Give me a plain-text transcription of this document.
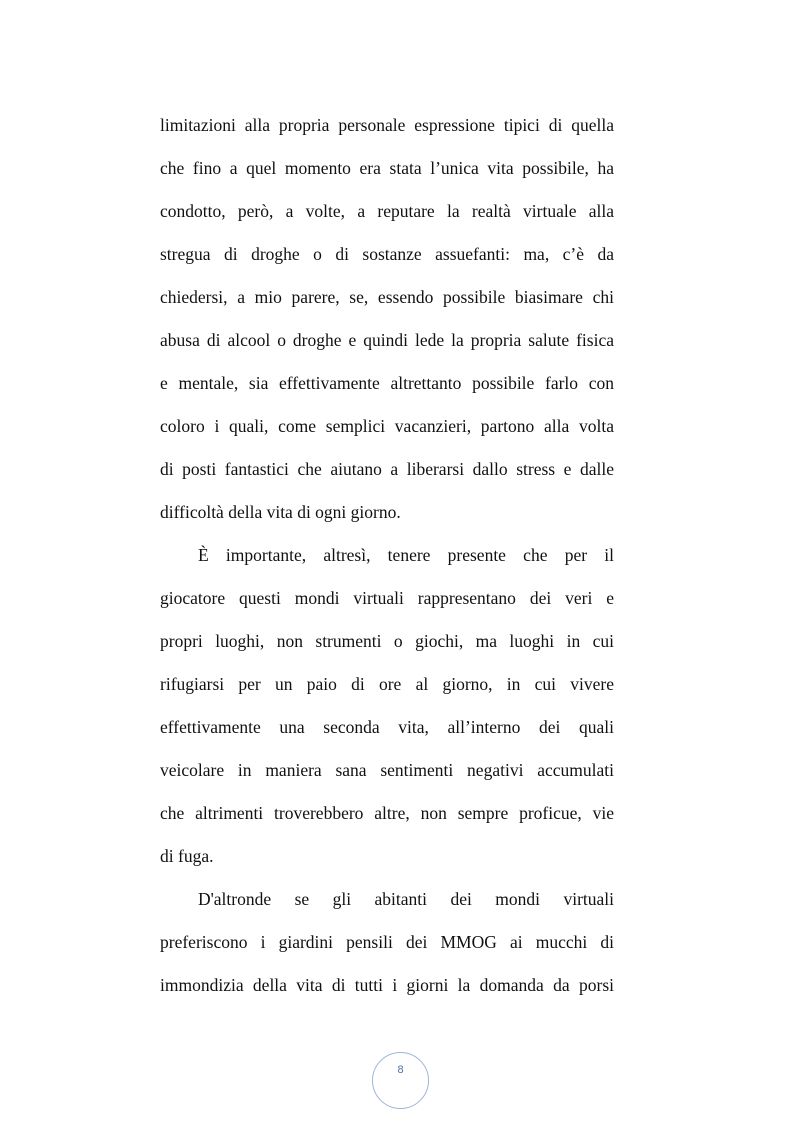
limitazioni alla propria personale espressione tipici di quella
che fino a quel momento era stata l’unica vita possibile, ha
condotto, però, a volte, a reputare la realtà virtuale alla
stregua di droghe o di sostanze assuefanti: ma, c’è da
chiedersi, a mio parere, se, essendo possibile biasimare chi
abusa di alcool o droghe e quindi lede la propria salute fisica
e mentale, sia effettivamente altrettanto possibile farlo con
coloro i quali, come semplici vacanzieri, partono alla volta
di posti fantastici che aiutano a liberarsi dallo stress e dalle
difficoltà della vita di ogni giorno.
È importante, altresì, tenere presente che per il
giocatore questi mondi virtuali rappresentano dei veri e
propri luoghi, non strumenti o giochi, ma luoghi in cui
rifugiarsi per un paio di ore al giorno, in cui vivere
effettivamente una seconda vita, all’interno dei quali
veicolare in maniera sana sentimenti negativi accumulati
che altrimenti troverebbero altre, non sempre proficue, vie
di fuga.
D'altronde se gli abitanti dei mondi virtuali
preferiscono i giardini pensili dei MMOG ai mucchi di
immondizia della vita di tutti i giorni la domanda da porsi
8
